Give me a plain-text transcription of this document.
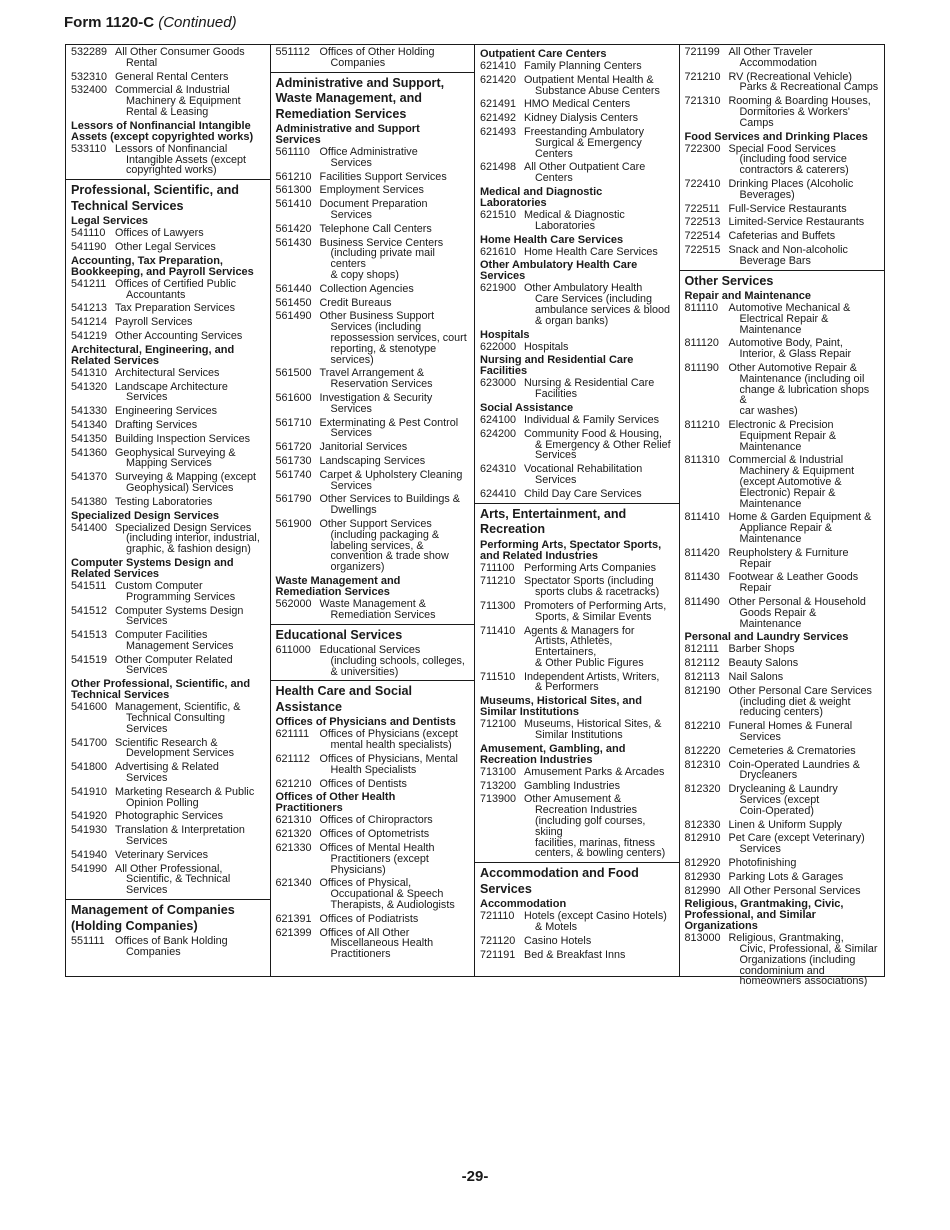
Form 1120-C (Continued)
532289 All Other Consumer Goods
Rental
532310 General Rental Centers
532400 Commercial & Industrial
Machinery & Equipment
Rental & Leasing
Lessors of Nonfinancial Intangible
Assets (except copyrighted works)
533110 Lessors of Nonfinancial
Intangible Assets (except
copyrighted works)
Professional, Scientific, and
Technical Services
Legal Services
541110 Offices of Lawyers
541190 Other Legal Services
Accounting, Tax Preparation,
Bookkeeping, and Payroll Services
541211 Offices of Certified Public
Accountants
541213 Tax Preparation Services
541214 Payroll Services
541219 Other Accounting Services
Architectural, Engineering, and
Related Services
541310 Architectural Services
541320 Landscape Architecture
Services
541330 Engineering Services
541340 Drafting Services
541350 Building Inspection Services
541360 Geophysical Surveying &
Mapping Services
541370 Surveying & Mapping (except
Geophysical) Services
541380 Testing Laboratories
Specialized Design Services
541400 Specialized Design Services
(including interior, industrial,
graphic, & fashion design)
Computer Systems Design and
Related Services
541511 Custom Computer
Programming Services
541512 Computer Systems Design
Services
541513 Computer Facilities
Management Services
541519 Other Computer Related
Services
Other Professional, Scientific, and
Technical Services
541600 Management, Scientific, &
Technical Consulting
Services
541700 Scientific Research &
Development Services
541800 Advertising & Related
Services
541910 Marketing Research & Public
Opinion Polling
541920 Photographic Services
541930 Translation & Interpretation
Services
541940 Veterinary Services
541990 All Other Professional,
Scientific, & Technical
Services
Management of Companies
(Holding Companies)
551111 Offices of Bank Holding
Companies
551112 Offices of Other Holding
Companies
Administrative and Support,
Waste Management, and
Remediation Services
Administrative and Support
Services
561110 Office Administrative
Services
561210 Facilities Support Services
561300 Employment Services
561410 Document Preparation
Services
561420 Telephone Call Centers
561430 Business Service Centers
(including private mail centers
& copy shops)
561440 Collection Agencies
561450 Credit Bureaus
561490 Other Business Support
Services (including
repossession services, court
reporting, & stenotype
services)
561500 Travel Arrangement &
Reservation Services
561600 Investigation & Security
Services
561710 Exterminating & Pest Control
Services
561720 Janitorial Services
561730 Landscaping Services
561740 Carpet & Upholstery Cleaning
Services
561790 Other Services to Buildings &
Dwellings
561900 Other Support Services
(including packaging &
labeling services, &
convention & trade show
organizers)
Waste Management and
Remediation Services
562000 Waste Management &
Remediation Services
Educational Services
611000 Educational Services
(including schools, colleges,
& universities)
Health Care and Social
Assistance
Offices of Physicians and Dentists
621111 Offices of Physicians (except
mental health specialists)
621112 Offices of Physicians, Mental
Health Specialists
621210 Offices of Dentists
Offices of Other Health
Practitioners
621310 Offices of Chiropractors
621320 Offices of Optometrists
621330 Offices of Mental Health
Practitioners (except
Physicians)
621340 Offices of Physical,
Occupational & Speech
Therapists, & Audiologists
621391 Offices of Podiatrists
621399 Offices of All Other
Miscellaneous Health
Practitioners
Outpatient Care Centers
621410 Family Planning Centers
621420 Outpatient Mental Health &
Substance Abuse Centers
621491 HMO Medical Centers
621492 Kidney Dialysis Centers
621493 Freestanding Ambulatory
Surgical & Emergency
Centers
621498 All Other Outpatient Care
Centers
Medical and Diagnostic
Laboratories
621510 Medical & Diagnostic
Laboratories
Home Health Care Services
621610 Home Health Care Services
Other Ambulatory Health Care
Services
621900 Other Ambulatory Health
Care Services (including
ambulance services & blood
& organ banks)
Hospitals
622000 Hospitals
Nursing and Residential Care
Facilities
623000 Nursing & Residential Care
Facilities
Social Assistance
624100 Individual & Family Services
624200 Community Food & Housing,
& Emergency & Other Relief
Services
624310 Vocational Rehabilitation
Services
624410 Child Day Care Services
Arts, Entertainment, and
Recreation
Performing Arts, Spectator Sports,
and Related Industries
711100 Performing Arts Companies
711210 Spectator Sports (including
sports clubs & racetracks)
711300 Promoters of Performing Arts,
Sports, & Similar Events
711410 Agents & Managers for
Artists, Athletes, Entertainers,
& Other Public Figures
711510 Independent Artists, Writers,
& Performers
Museums, Historical Sites, and
Similar Institutions
712100 Museums, Historical Sites, &
Similar Institutions
Amusement, Gambling, and
Recreation Industries
713100 Amusement Parks & Arcades
713200 Gambling Industries
713900 Other Amusement &
Recreation Industries
(including golf courses, skiing
facilities, marinas, fitness
centers, & bowling centers)
Accommodation and Food
Services
Accommodation
721110 Hotels (except Casino Hotels)
& Motels
721120 Casino Hotels
721191 Bed & Breakfast Inns
721199 All Other Traveler
Accommodation
721210 RV (Recreational Vehicle)
Parks & Recreational Camps
721310 Rooming & Boarding Houses,
Dormitories & Workers'
Camps
Food Services and Drinking Places
722300 Special Food Services
(including food service
contractors & caterers)
722410 Drinking Places (Alcoholic
Beverages)
722511 Full-Service Restaurants
722513 Limited-Service Restaurants
722514 Cafeterias and Buffets
722515 Snack and Non-alcoholic
Beverage Bars
Other Services
Repair and Maintenance
811110 Automotive Mechanical &
Electrical Repair &
Maintenance
811120 Automotive Body, Paint,
Interior, & Glass Repair
811190 Other Automotive Repair &
Maintenance (including oil
change & lubrication shops &
car washes)
811210 Electronic & Precision
Equipment Repair &
Maintenance
811310 Commercial & Industrial
Machinery & Equipment
(except Automotive &
Electronic) Repair &
Maintenance
811410 Home & Garden Equipment &
Appliance Repair &
Maintenance
811420 Reupholstery & Furniture
Repair
811430 Footwear & Leather Goods
Repair
811490 Other Personal & Household
Goods Repair & Maintenance
Personal and Laundry Services
812111 Barber Shops
812112 Beauty Salons
812113 Nail Salons
812190 Other Personal Care Services
(including diet & weight
reducing centers)
812210 Funeral Homes & Funeral
Services
812220 Cemeteries & Crematories
812310 Coin-Operated Laundries &
Drycleaners
812320 Drycleaning & Laundry
Services (except
Coin-Operated)
812330 Linen & Uniform Supply
812910 Pet Care (except Veterinary)
Services
812920 Photofinishing
812930 Parking Lots & Garages
812990 All Other Personal Services
Religious, Grantmaking, Civic,
Professional, and Similar
Organizations
813000 Religious, Grantmaking,
Civic, Professional, & Similar
Organizations (including
condominium and
homeowners associations)
-29-
